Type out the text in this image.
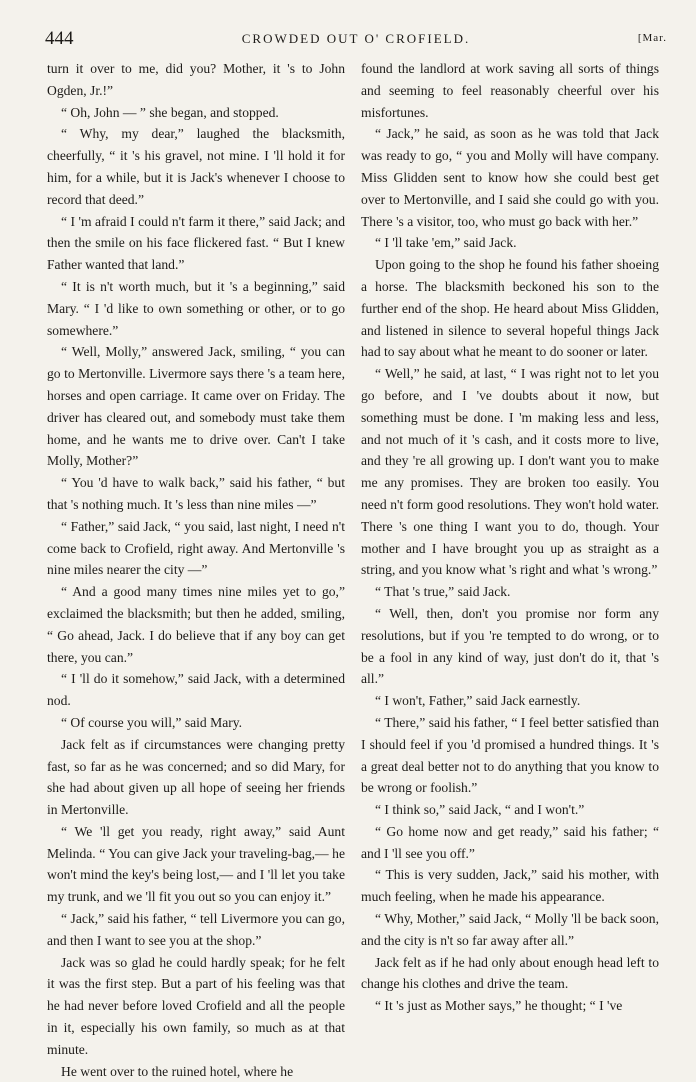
444	CROWDED OUT O' CROFIELD.	[Mar.

turn it over to me, did you? Mother, it 's to John Ogden, Jr.!”

“ Oh, John — ” she began, and stopped.

“ Why, my dear,” laughed the blacksmith, cheerfully, “ it 's his gravel, not mine. I 'll hold it for him, for a while, but it is Jack's whenever I choose to record that deed.”

“ I 'm afraid I could n't farm it there,” said Jack; and then the smile on his face flickered fast. “ But I knew Father wanted that land.”

“ It is n't worth much, but it 's a beginning,” said Mary. “ I 'd like to own something or other, or to go somewhere.”

“ Well, Molly,” answered Jack, smiling, “ you can go to Mertonville. Livermore says there 's a team here, horses and open carriage. It came over on Friday. The driver has cleared out, and somebody must take them home, and he wants me to drive over. Can't I take Molly, Mother?”

“ You 'd have to walk back,” said his father, “ but that 's nothing much. It 's less than nine miles —”

“ Father,” said Jack, “ you said, last night, I need n't come back to Crofield, right away. And Mertonville 's nine miles nearer the city —”

“ And a good many times nine miles yet to go,” exclaimed the blacksmith; but then he added, smiling, “ Go ahead, Jack. I do believe that if any boy can get there, you can.”

“ I 'll do it somehow,” said Jack, with a determined nod.

“ Of course you will,” said Mary.

Jack felt as if circumstances were changing pretty fast, so far as he was concerned; and so did Mary, for she had about given up all hope of seeing her friends in Mertonville.

“ We 'll get you ready, right away,” said Aunt Melinda. “ You can give Jack your traveling-bag,— he won't mind the key's being lost,— and I 'll let you take my trunk, and we 'll fit you out so you can enjoy it.”

“ Jack,” said his father, “ tell Livermore you can go, and then I want to see you at the shop.”

Jack was so glad he could hardly speak; for he felt it was the first step. But a part of his feeling was that he had never before loved Crofield and all the people in it, especially his own family, so much as at that minute.

He went over to the ruined hotel, where he

found the landlord at work saving all sorts of things and seeming to feel reasonably cheerful over his misfortunes.

“ Jack,” he said, as soon as he was told that Jack was ready to go, “ you and Molly will have company. Miss Glidden sent to know how she could best get over to Mertonville, and I said she could go with you. There 's a visitor, too, who must go back with her.”

“ I 'll take 'em,” said Jack.

Upon going to the shop he found his father shoeing a horse. The blacksmith beckoned his son to the further end of the shop. He heard about Miss Glidden, and listened in silence to several hopeful things Jack had to say about what he meant to do sooner or later.

“ Well,” he said, at last, “ I was right not to let you go before, and I 've doubts about it now, but something must be done. I 'm making less and less, and not much of it 's cash, and it costs more to live, and they 're all growing up. I don't want you to make me any promises. They are broken too easily. You need n't form good resolutions. They won't hold water. There 's one thing I want you to do, though. Your mother and I have brought you up as straight as a string, and you know what 's right and what 's wrong.”

“ That 's true,” said Jack.

“ Well, then, don't you promise nor form any resolutions, but if you 're tempted to do wrong, or to be a fool in any kind of way, just don't do it, that 's all.”

“ I won't, Father,” said Jack earnestly.

“ There,” said his father, “ I feel better satisfied than I should feel if you 'd promised a hundred things. It 's a great deal better not to do anything that you know to be wrong or foolish.”

“ I think so,” said Jack, “ and I won't.”

“ Go home now and get ready,” said his father; “ and I 'll see you off.”

“ This is very sudden, Jack,” said his mother, with much feeling, when he made his appearance.

“ Why, Mother,” said Jack, “ Molly 'll be back soon, and the city is n't so far away after all.”

Jack felt as if he had only about enough head left to change his clothes and drive the team.

“ It 's just as Mother says,” he thought; “ I 've
